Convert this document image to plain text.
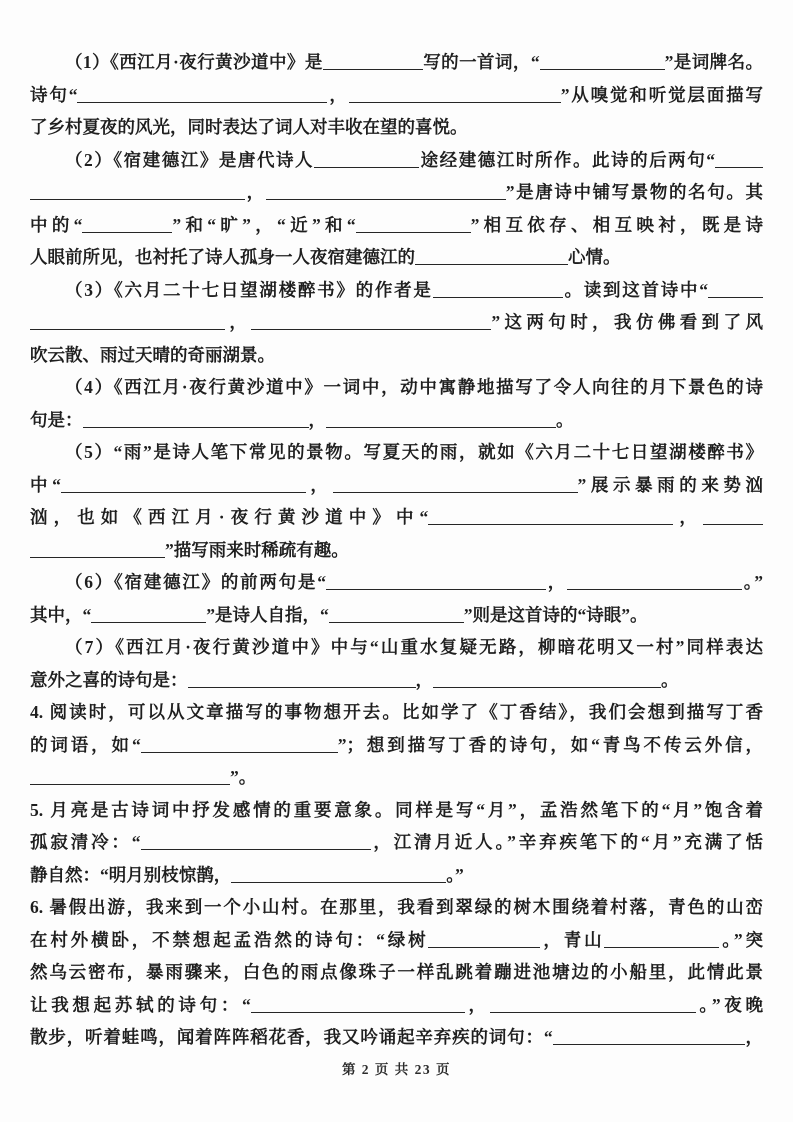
（1）《西江月·夜行黄沙道中》是	写的一首词，“	”是词牌名。
诗句“	，	”从嗅觉和听觉层面描写
了乡村夏夜的风光，同时表达了词人对丰收在望的喜悦。
（2）《宿建德江》是唐代诗人	途经建德江时所作。此诗的后两句“
，	”是唐诗中铺写景物的名句。其
中的“	”和“旷”，“近”和“	”相互依存、相互映衬，既是诗
人眼前所见，也衬托了诗人孤身一人夜宿建德江的	心情。
（3）《六月二十七日望湖楼醉书》的作者是	。读到这首诗中“
，	”这两句时，我仿佛看到了风
吹云散、雨过天晴的奇丽湖景。
（4）《西江月·夜行黄沙道中》一词中，动中寓静地描写了令人向往的月下景色的诗
句是：	，	。
（5）“雨”是诗人笔下常见的景物。写夏天的雨，就如《六月二十七日望湖楼醉书》
中“	，	”展示暴雨的来势汹
汹，也如《西江月·夜行黄沙道中》中“	，
”描写雨来时稀疏有趣。
（6）《宿建德江》的前两句是“	，	。”
其中，“	”是诗人自指，“	”则是这首诗的“诗眼”。
（7）《西江月·夜行黄沙道中》中与“山重水复疑无路，柳暗花明又一村”同样表达
意外之喜的诗句是：	，	。
4. 阅读时，可以从文章描写的事物想开去。比如学了《丁香结》，我们会想到描写丁香
的词语，如“	”；想到描写丁香的诗句，如“青鸟不传云外信，
”。
5. 月亮是古诗词中抒发感情的重要意象。同样是写“月”，孟浩然笔下的“月”饱含着
孤寂清冷：“	，江清月近人。”辛弃疾笔下的“月”充满了恬
静自然：“明月别枝惊鹊，	。”
6. 暑假出游，我来到一个小山村。在那里，我看到翠绿的树木围绕着村落，青色的山峦
在村外横卧，不禁想起孟浩然的诗句：“绿树	，青山	。”突
然乌云密布，暴雨骤来，白色的雨点像珠子一样乱跳着蹦进池塘边的小船里，此情此景
让我想起苏轼的诗句：“	，	。”夜晚
散步，听着蛙鸣，闻着阵阵稻花香，我又吟诵起辛弃疾的词句：“	，
第 2 页 共 23 页
